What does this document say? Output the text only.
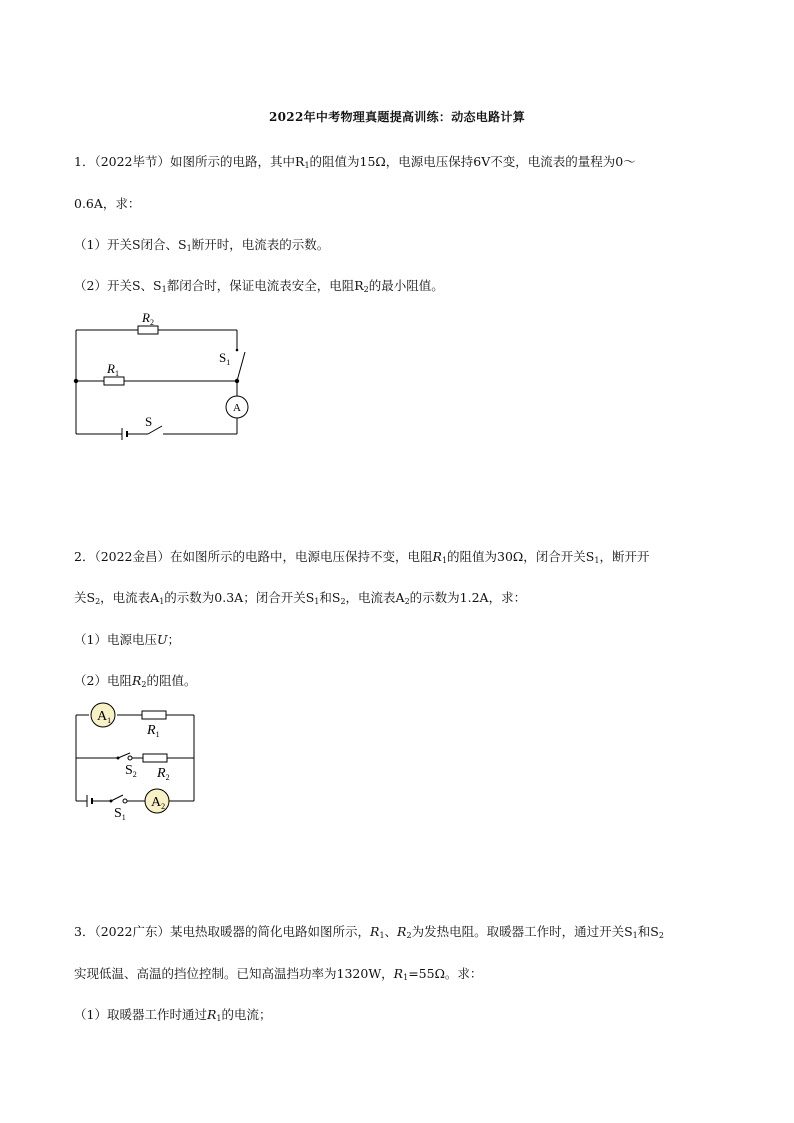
2022年中考物理真题提高训练：动态电路计算
1．（2022毕节）如图所示的电路，其中$R_1$的阻值为15Ω，电源电压保持6V不变，电流表的量程为0～
0.6A，求：
（1）开关S闭合、$S_1$断开时，电流表的示数。
（2）开关S、$S_1$都闭合时，保证电流表安全，电阻$R_2$的最小阻值。
A
$R_2$
$R_1$
$S_1$
S
2．（2022金昌）在如图所示的电路中，电源电压保持不变，电阻$R_1$的阻值为30Ω，闭合开关$S_1$，断开开
关$S_2$，电流表$A_1$的示数为0.3A；闭合开关$S_1$和$S_2$，电流表$A_2$的示数为1.2A，求：
（1）电源电压U；
（2）电阻$R_2$的阻值。
$A_1$
$R_1$
$S_2$ $R_2$
$S_1$
$A_2$
3．（2022广东）某电热取暖器的简化电路如图所示，$R_1$、$R_2$为发热电阻。取暖器工作时，通过开关$S_1$和$S_2$
实现低温、高温的挡位控制。已知高温挡功率为1320W，$R_1=55\Omega$。求：
（1）取暖器工作时通过$R_1$的电流；
